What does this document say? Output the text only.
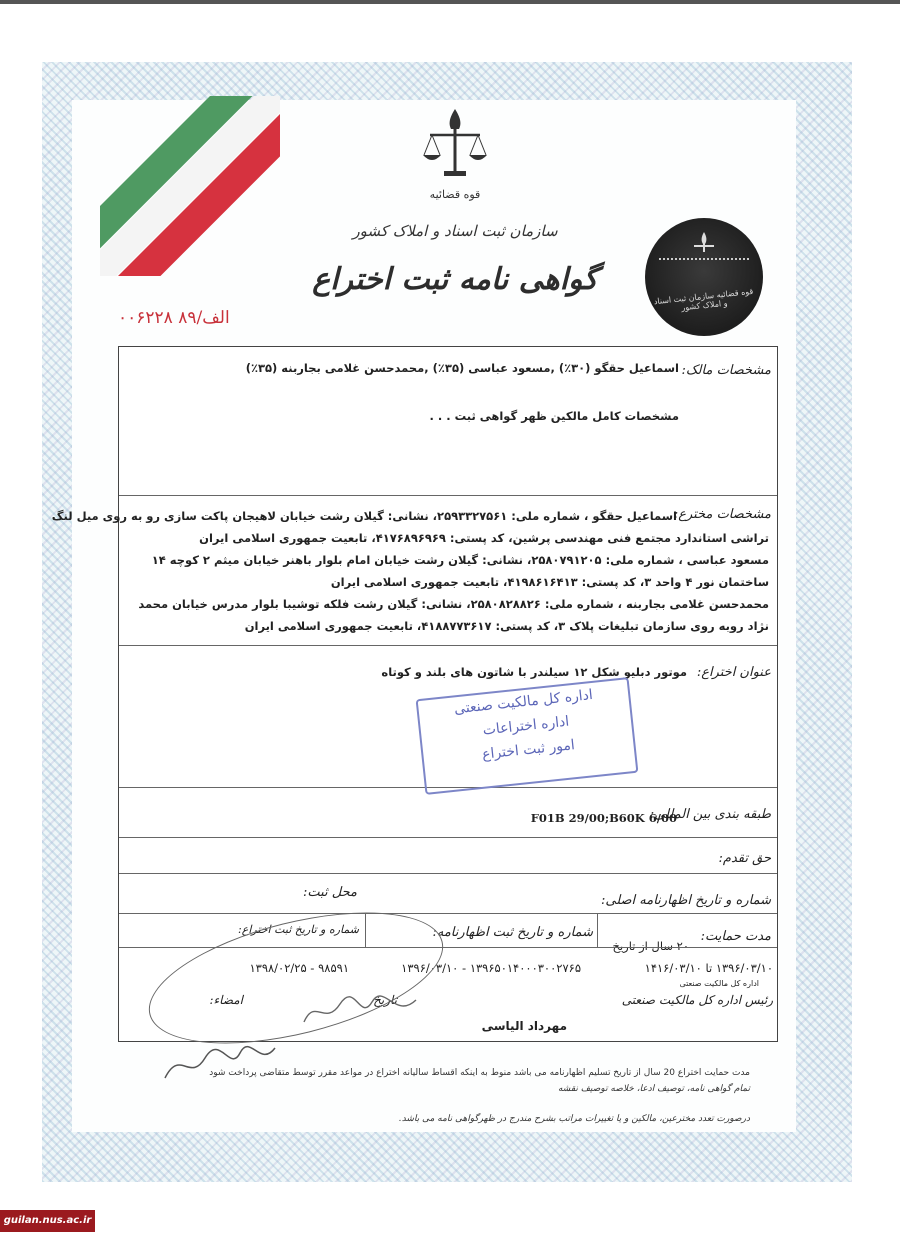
قوه قضائیه
سازمان ثبت اسناد و املاک کشور
گواهی نامه ثبت اختراع
۰۰۶۲۲۸ الف/۸۹
قوه قضائیه سازمان ثبت اسناد و املاک کشور
مشخصات مالک:
اسماعیل حقگو (۳۰٪) ,مسعود عباسی (۳۵٪) ,محمدحسن غلامی بجاربنه (۳۵٪)
مشخصات کامل مالکین ظهر گواهی ثبت . . .
مشخصات مخترع:
اسماعیل حقگو ، شماره ملی: ۲۵۹۳۳۲۷۵۶۱، نشانی: گیلان رشت خیابان لاهیجان پاکت سازی رو به روی میل لنگ
تراشی استاندارد مجتمع فنی مهندسی پرشین، کد پستی: ۴۱۷۶۸۹۶۹۶۹، تابعیت جمهوری اسلامی ایران
مسعود عباسی ، شماره ملی: ۲۵۸۰۷۹۱۲۰۵، نشانی: گیلان رشت خیابان امام بلوار باهنر خیابان میثم ۲ کوچه ۱۴
ساختمان نور ۴ واحد ۳، کد پستی: ۴۱۹۸۶۱۶۴۱۳، تابعیت جمهوری اسلامی ایران
محمدحسن غلامی بجاربنه ، شماره ملی: ۲۵۸۰۸۲۸۸۲۶، نشانی: گیلان رشت فلکه توشیبا بلوار مدرس خیابان محمد
نژاد روبه روی سازمان تبلیغات پلاک ۳، کد پستی: ۴۱۸۸۷۷۳۶۱۷، تابعیت جمهوری اسلامی ایران
عنوان اختراع:
موتور دبلیو شکل ۱۲ سیلندر با شاتون های بلند و کوتاه
طبقه بندی بین المللی:
F01B 29/00;B60K 6/00
حق تقدم:
شماره و تاریخ اظهارنامه اصلی:
محل ثبت:
مدت حمایت:
۲۰ سال از تاریخ
شماره و تاریخ ثبت اظهارنامه:
شماره و تاریخ ثبت اختراع:
۱۳۹۶/۰۳/۱۰ تا ۱۴۱۶/۰۳/۱۰
۱۳۹۶۵۰۱۴۰۰۰۳۰۰۲۷۶۵ - ۱۳۹۶/۰۳/۱۰
۹۸۵۹۱ - ۱۳۹۸/۰۲/۲۵
اداره کل مالکیت صنعتی
رئیس اداره کل مالکیت صنعتی
تاریخ
امضاء:
مهرداد الیاسی
اداره کل مالکیت صنعتی
اداره اختراعات
امور ثبت اختراع
مدت حمایت اختراع 20 سال از تاریخ تسلیم اظهارنامه می باشد منوط به اینکه اقساط سالیانه اختراع در مواعد مقرر توسط متقاضی پرداخت شود
تمام گواهی نامه، توصیف ادعا، خلاصه توصیف نقشه
درصورت تعدد مخترعین، مالکین و یا تغییرات مراتب بشرح مندرج در ظهرگواهی نامه می باشد.
guilan.nus.ac.ir
